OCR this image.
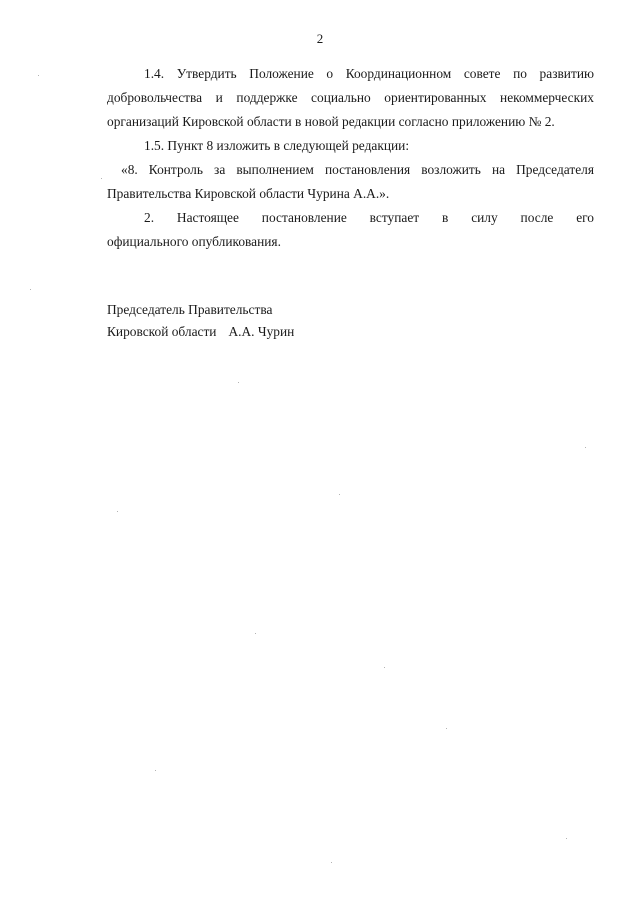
2
1.4. Утвердить Положение о Координационном совете по развитию
добровольчества и поддержке социально ориентированных некоммерческих
организаций Кировской области в новой редакции согласно приложению № 2.
1.5. Пункт 8 изложить в следующей редакции:
«8. Контроль за выполнением постановления возложить на Председателя
Правительства Кировской области Чурина А.А.».
2. Настоящее постановление вступает в силу после его
официального опубликования.
Председатель Правительства
Кировской области А.А. Чурин
